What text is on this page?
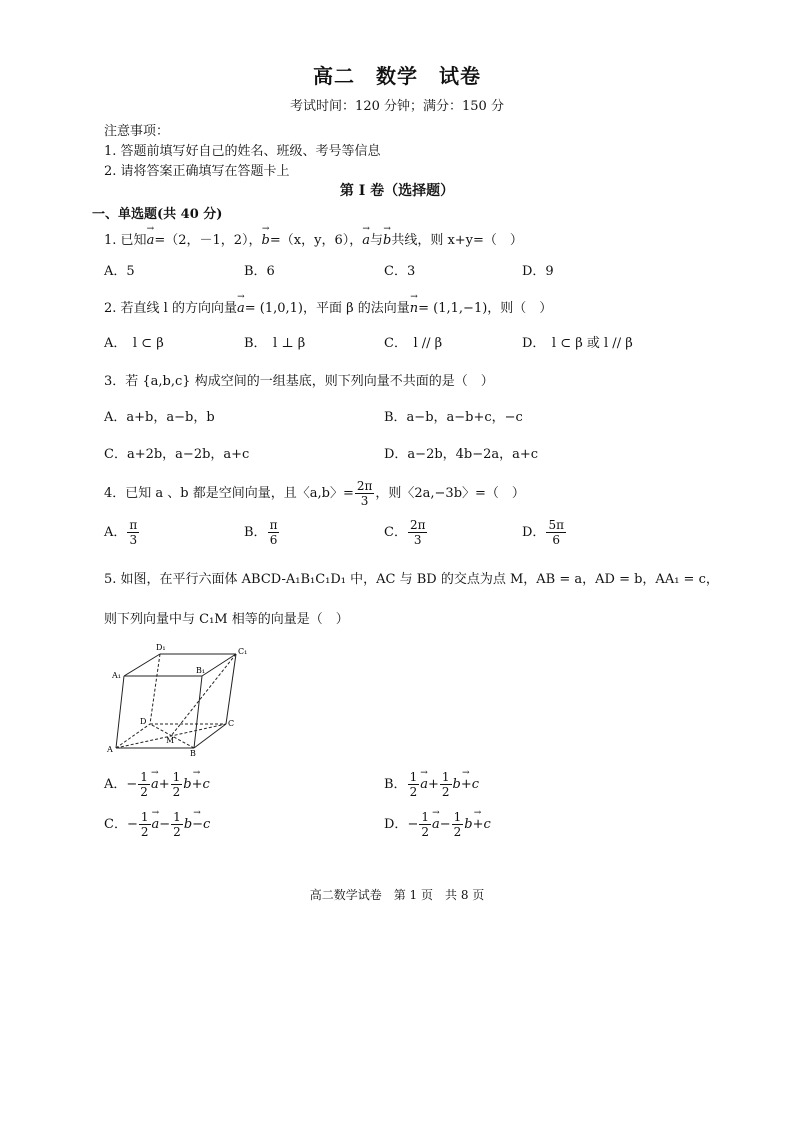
高二　数学　试卷
考试时间：120 分钟；满分：150 分
注意事项：
1. 答题前填写好自己的姓名、班级、考号等信息
2. 请将答案正确填写在答题卡上
第 I 卷（选择题）
一、单选题(共 40 分)
1. 已知→ a=（2，－1，2），→ b=（x，y，6），→ a与→ b共线，则 x+y=（　）
A．5	B．6	C．3	D．9
2. 若直线 l 的方向向量→ a= (1,0,1)，平面 β 的法向量→ n= (1,1,−1)，则（　）
A．　l ⊂ β	B．　l ⊥ β	C．　l // β	D．　l ⊂ β 或 l // β
3．若 {a,b,c} 构成空间的一组基底，则下列向量不共面的是（　）
A．a+b，a−b，b	B．a−b，a−b+c，−c
C．a+2b，a−2b，a+c	D．a−2b，4b−2a，a+c
4．已知 a 、b 都是空间向量，且〈a,b〉= $\frac{2\pi}{3}$ ，则〈2a,−3b〉=（　）
A． $\frac{\pi}{3}$	B． $\frac{\pi}{6}$	C． $\frac{2\pi}{3}$	D． $\frac{5\pi}{6}$
5. 如图，在平行六面体 ABCD-A₁B₁C₁D₁ 中，AC 与 BD 的交点为点 M，AB = a，AD = b，AA₁ = c，
则下列向量中与 C₁M 相等的向量是（　）
D₁
A₁
B₁
C₁
D
A	B
C
M
A．− $\frac{1}{2}$
→ $a+ \frac{1}{2}$
→ b+c	B． $\frac{1}{2}$
→ $a+ \frac{1}{2}$
→ b+c
C．− $\frac{1}{2}$
→ $a- \frac{1}{2}$
→ b−c	D．− $\frac{1}{2}$
→ $a- \frac{1}{2}$
→ b+c
高二数学试卷　第 1 页　共 8 页
